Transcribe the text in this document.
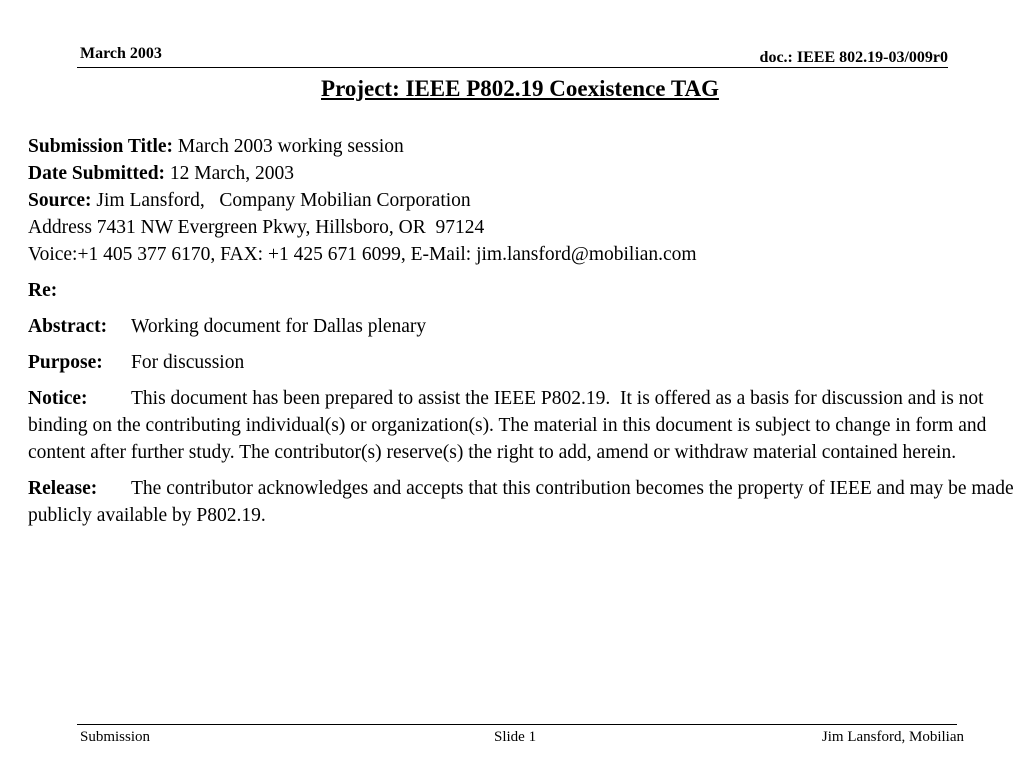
March 2003	doc.: IEEE 802.19-03/009r0
Project: IEEE P802.19 Coexistence TAG
Submission Title: March 2003 working session
Date Submitted: 12 March, 2003
Source: Jim Lansford,   Company Mobilian Corporation
Address 7431 NW Evergreen Pkwy, Hillsboro, OR  97124
Voice:+1 405 377 6170, FAX: +1 425 671 6099, E-Mail: jim.lansford@mobilian.com
Re:
Abstract: Working document for Dallas plenary
Purpose: For discussion
Notice: This document has been prepared to assist the IEEE P802.19.  It is offered as a basis for discussion and is not binding on the contributing individual(s) or organization(s). The material in this document is subject to change in form and content after further study. The contributor(s) reserve(s) the right to add, amend or withdraw material contained herein.
Release: The contributor acknowledges and accepts that this contribution becomes the property of IEEE and may be made publicly available by P802.19.
Submission	Slide 1	Jim Lansford, Mobilian
